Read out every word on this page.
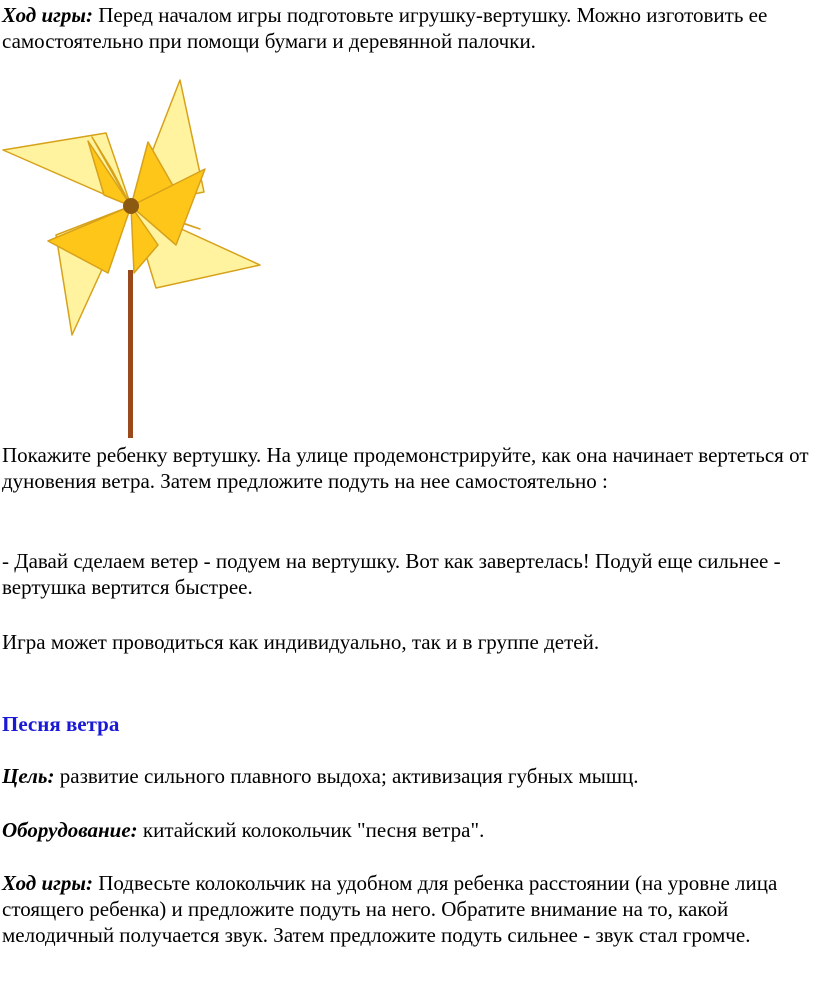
Ход игры: Перед началом игры подготовьте игрушку-вертушку. Можно изготовить ее самостоятельно при помощи бумаги и деревянной палочки.

Покажите ребенку вертушку. На улице продемонстрируйте, как она начинает вертеться от дуновения ветра. Затем предложите подуть на нее самостоятельно :

- Давай сделаем ветер - подуем на вертушку. Вот как завертелась! Подуй еще сильнее - вертушка вертится быстрее.

Игра может проводиться как индивидуально, так и в группе детей.

Песня ветра

Цель: развитие сильного плавного выдоха; активизация губных мышц.

Оборудование: китайский колокольчик "песня ветра".

Ход игры: Подвесьте колокольчик на удобном для ребенка расстоянии (на уровне лица стоящего ребенка) и предложите подуть на него. Обратите внимание на то, какой мелодичный получается звук. Затем предложите подуть сильнее - звук стал громче.
